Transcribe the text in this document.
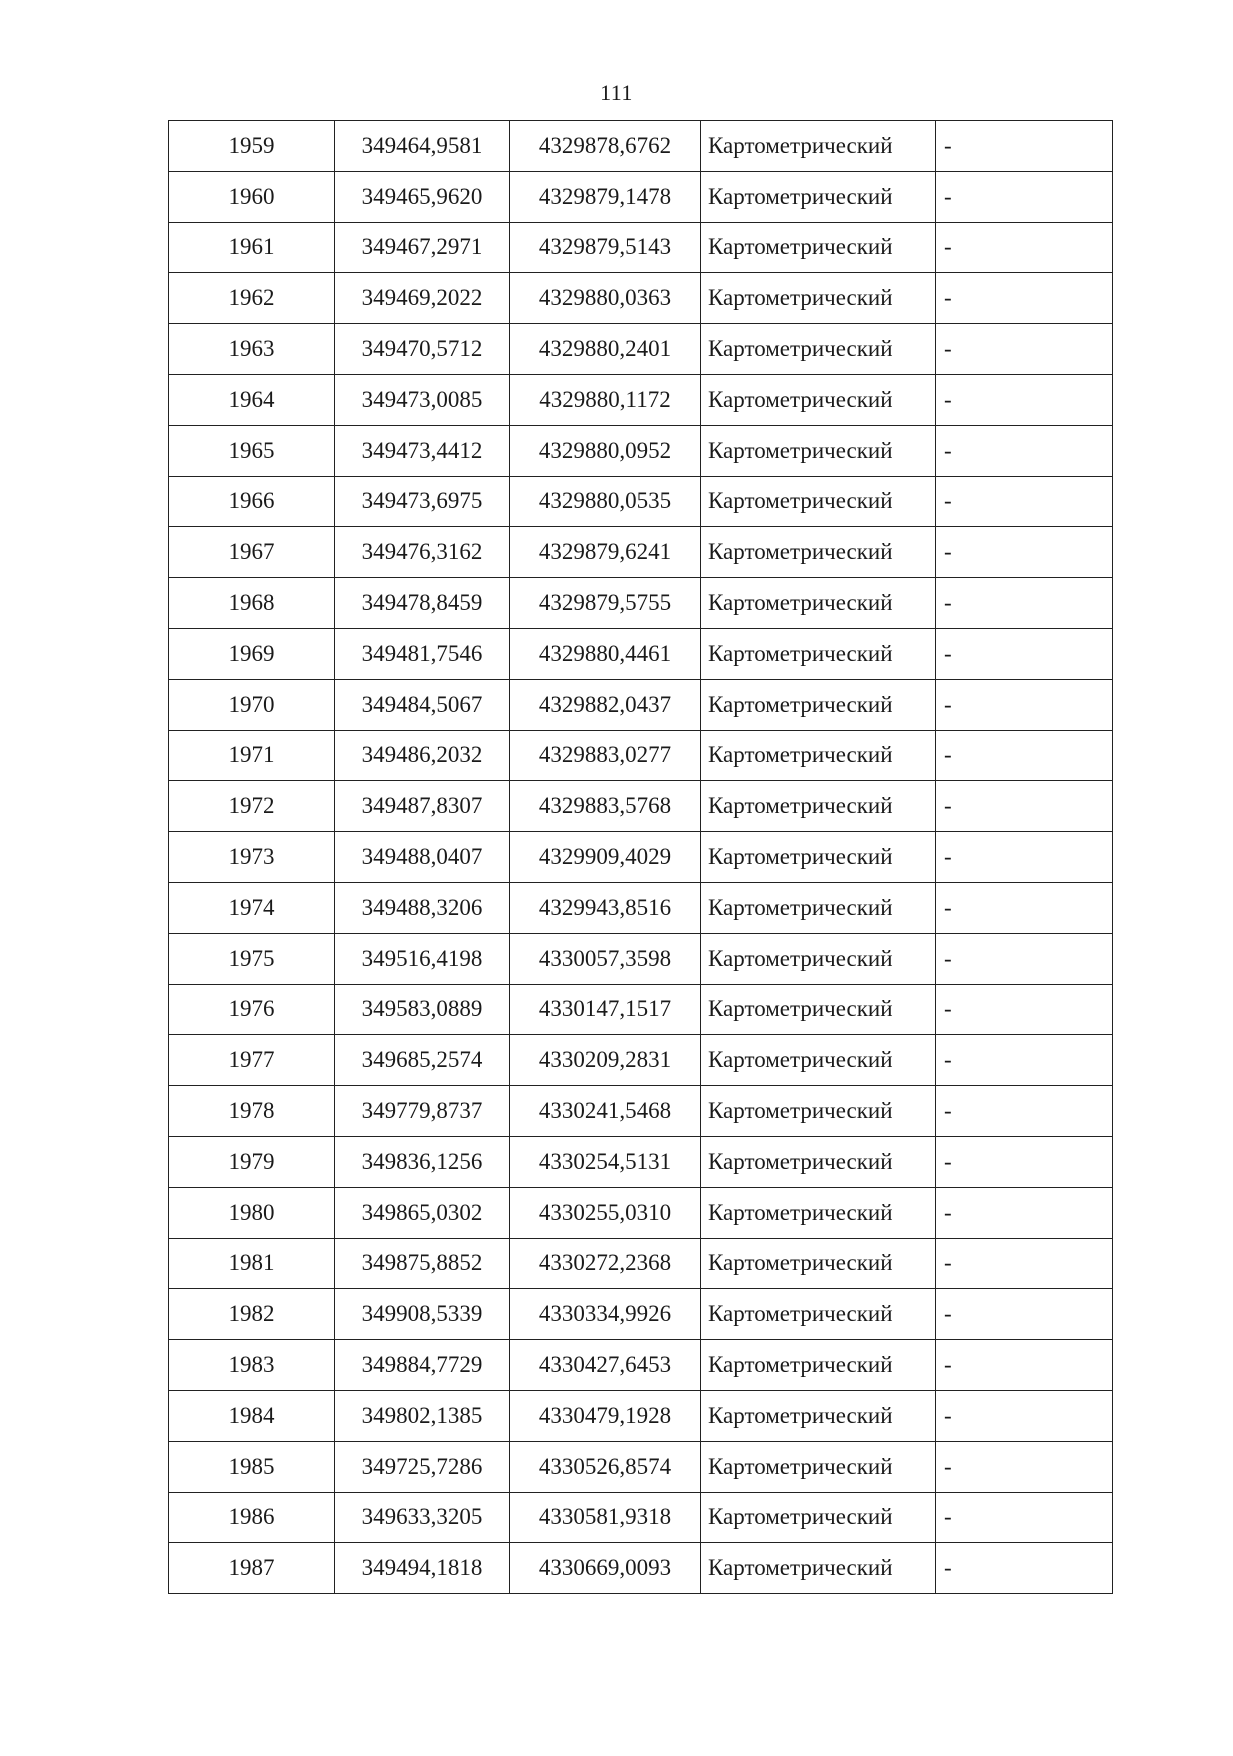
111
1959	349464,9581	4329878,6762	Картометрический	-
1960	349465,9620	4329879,1478	Картометрический	-
1961	349467,2971	4329879,5143	Картометрический	-
1962	349469,2022	4329880,0363	Картометрический	-
1963	349470,5712	4329880,2401	Картометрический	-
1964	349473,0085	4329880,1172	Картометрический	-
1965	349473,4412	4329880,0952	Картометрический	-
1966	349473,6975	4329880,0535	Картометрический	-
1967	349476,3162	4329879,6241	Картометрический	-
1968	349478,8459	4329879,5755	Картометрический	-
1969	349481,7546	4329880,4461	Картометрический	-
1970	349484,5067	4329882,0437	Картометрический	-
1971	349486,2032	4329883,0277	Картометрический	-
1972	349487,8307	4329883,5768	Картометрический	-
1973	349488,0407	4329909,4029	Картометрический	-
1974	349488,3206	4329943,8516	Картометрический	-
1975	349516,4198	4330057,3598	Картометрический	-
1976	349583,0889	4330147,1517	Картометрический	-
1977	349685,2574	4330209,2831	Картометрический	-
1978	349779,8737	4330241,5468	Картометрический	-
1979	349836,1256	4330254,5131	Картометрический	-
1980	349865,0302	4330255,0310	Картометрический	-
1981	349875,8852	4330272,2368	Картометрический	-
1982	349908,5339	4330334,9926	Картометрический	-
1983	349884,7729	4330427,6453	Картометрический	-
1984	349802,1385	4330479,1928	Картометрический	-
1985	349725,7286	4330526,8574	Картометрический	-
1986	349633,3205	4330581,9318	Картометрический	-
1987	349494,1818	4330669,0093	Картометрический	-
